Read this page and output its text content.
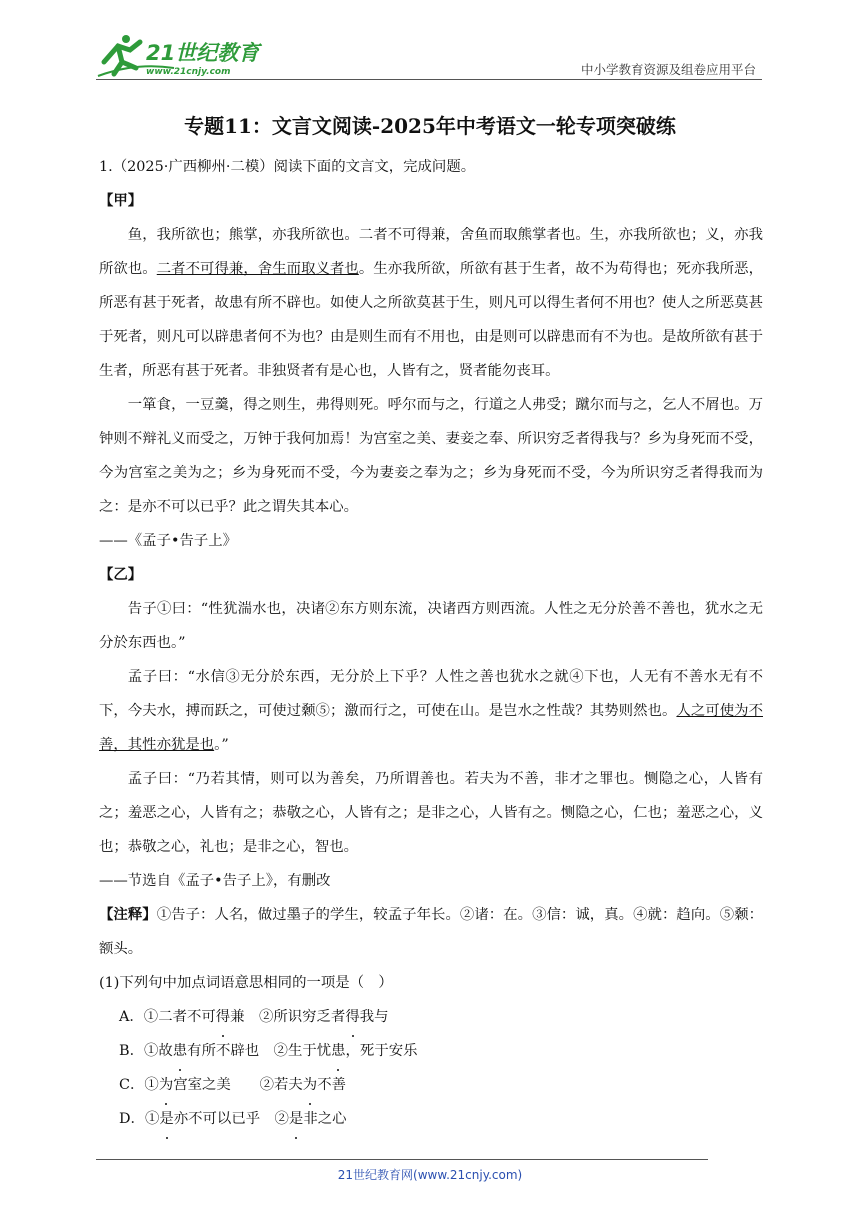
21世纪教育
www.21cnjy.com	中小学教育资源及组卷应用平台
专题11：文言文阅读-2025年中考语文一轮专项突破练

1.（2025·广西柳州·二模）阅读下面的文言文，完成问题。

【甲】

鱼，我所欲也；熊掌，亦我所欲也。二者不可得兼，舍鱼而取熊掌者也。生，亦我所欲也；义，亦我所欲也。二者不可得兼，舍生而取义者也。生亦我所欲，所欲有甚于生者，故不为苟得也；死亦我所恶，所恶有甚于死者，故患有所不辟也。如使人之所欲莫甚于生，则凡可以得生者何不用也？使人之所恶莫甚于死者，则凡可以辟患者何不为也？由是则生而有不用也，由是则可以辟患而有不为也。是故所欲有甚于生者，所恶有甚于死者。非独贤者有是心也，人皆有之，贤者能勿丧耳。

一箪食，一豆羹，得之则生，弗得则死。呼尔而与之，行道之人弗受；蹴尔而与之，乞人不屑也。万钟则不辩礼义而受之，万钟于我何加焉！为宫室之美、妻妾之奉、所识穷乏者得我与？乡为身死而不受，今为宫室之美为之；乡为身死而不受，今为妻妾之奉为之；乡为身死而不受，今为所识穷乏者得我而为之：是亦不可以已乎？此之谓失其本心。

——《孟子•告子上》

【乙】

告子①曰：“性犹湍水也，决诸②东方则东流，决诸西方则西流。人性之无分於善不善也，犹水之无分於东西也。”

孟子曰：“水信③无分於东西，无分於上下乎？人性之善也犹水之就④下也，人无有不善水无有不下，今夫水，搏而跃之，可使过颡⑤；激而行之，可使在山。是岂水之性哉？其势则然也。人之可使为不善，其性亦犹是也。”

孟子曰：“乃若其情，则可以为善矣，乃所谓善也。若夫为不善，非才之罪也。恻隐之心，人皆有之；羞恶之心，人皆有之；恭敬之心，人皆有之；是非之心，人皆有之。恻隐之心，仁也；羞恶之心，义也；恭敬之心，礼也；是非之心，智也。

——节选自《孟子•告子上》，有删改

【注释】①告子：人名，做过墨子的学生，较孟子年长。②诸：在。③信：诚，真。④就：趋向。⑤颡：额头。

(1)下列句中加点词语意思相同的一项是（　）

A．①二者不可得兼　 ②所识穷乏者得我与

B．①故患有所不辟也　 ②生于忧患，死于安乐

C．①为宫室之美　　 ②若夫为不善

D．①是亦不可以已乎　 ②是非之心

21世纪教育网(www.21cnjy.com)
